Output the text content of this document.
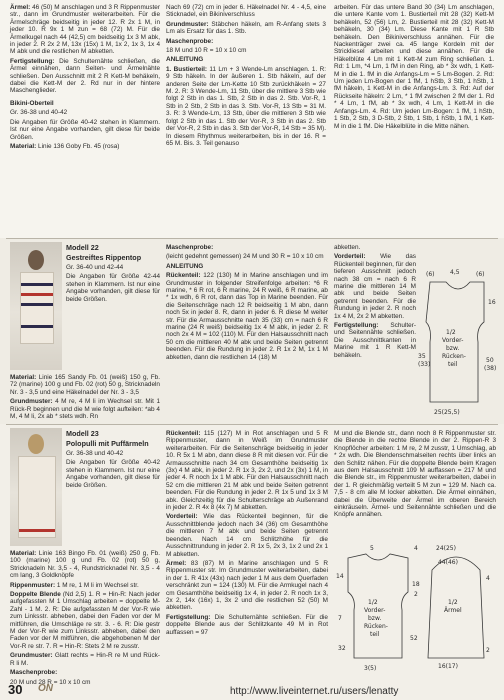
Ärmel: 46 (50) M anschlagen und 3 R Rippenmuster str., dann im Grundmuster weiterarbeiten. Für die Ärmelschräge beidseitig in jeder 12. R 2x 1 M, in jeder 10. R 9x 1 M zun = 68 (72) M. Für die Ärmelkugel nach 44 (42,5) cm beidseitig 1x 3 M abk, in jeder 2. R 2x 2 M, 13x (15x) 1 M, 1x 2, 1x 3, 1x 4 M abk und die restlichen M abketten.

Fertigstellung: Die Schulternähte schließen, die Ärmel einnähen, dann Seiten- und Ärmelnähte schließen. Den Ausschnitt mit 2 R Kett-M behäkeln, dabei die Kett-M der 2. Rd nur in der hintere Maschenglieder.

Bikini-Oberteil

Gr. 36-38 und 40-42

Die Angaben für Größe 40-42 stehen in Klammern. Ist nur eine Angabe vorhanden, gilt diese für beide Größen.

Material: Linie 136 Goby Fb. 45 (rosa)

Nach 69 (72) cm in jeder 6. Häkelnadel Nr. 4 - 4,5, eine Sticknadel, ein Bikiniverschluss

Grundmuster: Stäbchen häkeln, am R-Anfang stets 3 Lm als Ersatz für das 1. Stb.

Maschenprobe:

18 M und 10 R = 10 x 10 cm

ANLEITUNG

1. Bustierteil: 11 Lm + 3 Wende-Lm anschlagen. 1. R: 9 Stb häkeln. In der äußeren 1. Stb häkeln, auf der anderen Seite der Lm-Kette 10 Stb zurückhäkeln = 27 M. 2. R: 3 Wende-Lm, 11 Stb, über die mittlere 3 Stb wie folgt 2 Stb in das 1. Stb, 2 Stb in das 2. Stb. Vor-R, 1 Stb in 2 Stb, 2 Stb in das 3. Stb. Vor-R, 13 Stb = 31 M. 3. R: 3 Wende-Lm, 13 Stb, über die mittleren 3 Stb wie folgt 2 Stb in das 1. Stb der Vor-R, 3 Stb in das 2. Stb der Vor-R, 2 Stb in das 3. Stb der Vor-R, 14 Stb = 35 M). In diesem Rhythmus weiterarbeiten, bis in der 16. R = 65 M. Bis. 3. Teil genauso

arbeiten. Für das untere Band 30 (34) Lm anschlagen, die untere Kante vom 1. Bustierteil mit 28 (32) Kett-M behäkeln, 52 (56) Lm, 2. Bustierteil mit 28 (32) Kett-M behäkeln, 30 (34) Lm. Diese Kante mit 1 R Stb behäkeln. Den Bikiniverschluss annähen. Für die Nackenträger zwei ca. 45 lange Kordeln mit der Strickliesel arbeiten und diese annähen. Für die Häkelblüte 4 Lm mit 1 Kett-M zum Ring schließen. 1. Rd: 1 Lm, *4 Lm, 1 fM in den Ring, ab * 3x wdh, 1 Kett-M in die 1. fM in die Anfangs-Lm = 5 Lm-Bogen. 2. Rd: Um jeden Lm-Bogen der 1 fM, 1 hStb, 3 Stb, 1 hStb, 1 fM häkeln, 1 Kett-M in die Anfangs-Lm. 3. Rd: Auf der Rückseite häkeln: 2 Lm, * 1 fM zwischen 2 fM der 1. Rd * 4 Lm, 1 fM, ab * 3x wdh, 4 Lm, 1 Kett-M in die Anfangs-Lm. 4. Rd: Um jeden Lm-Bogen: 1 fM, 1 hStb, 1 Stb, 2 Stb, 3 D-Stb, 2 Stb, 1 Stb, 1 hStb, 1 fM, 1 Kett-M in die 1 fM. Die Häkelblüte in die Mitte nähen.

Modell 22

Gestreiftes Rippentop

Gr. 36-40 und 42-44

Die Angaben für Größe 42-44 stehen in Klammern. Ist nur eine Angabe vorhanden, gilt diese für beide Größen.

Material: Linie 165 Sandy Fb. 01 (weiß) 150 g, Fb. 72 (marine) 100 g und Fb. 02 (rot) 50 g, Stricknadeln Nr. 3 - 3,5 und eine Häkelnadel der Nr. 3 - 3,5

Grundmuster: 4 M re, 4 M li im Wechsel str. Mit 1 Rück-R beginnen und die M wie folgt aufteilen: *ab 4 M, 4 M li, 2x ab * stets wdh. Rn

Maschenprobe:

(leicht gedehnt gemessen) 24 M und 30 R = 10 x 10 cm

ANLEITUNG

Rückenteil: 122 (130) M in Marine anschlagen und im Grundmuster in folgender Streifenfolge arbeiten: *6 R marine, * 6 R rot, 6 R marine, 24 R weiß, 6 R marine, ab * 1x wdh, 6 R rot, dann das Top in Marine beenden. Für die Seitenschräge nach 12 R beidseitig 1 M abn, dann noch 5x in jeder 8. R, dann in jeder 6. R diese M weiter str. Für die Armausschnitte nach 35 (33) cm = nach 6 R marine (24 R weiß) beidseitig 1x 4 M abk, in jeder 2. R noch 2x 4 M = 102 (110) M. Für den Halsausschnitt nach 50 cm die mittleren 40 M abk und beide Seiten getrennt beenden. Für die Rundung in jeder 2. R 1x 2 M, 1x 1 M abketten, dann die restlichen 14 (18) M

abketten.

Vorderteil: Wie das Rückenteil beginnen, für den tieferen Ausschnitt jedoch nach 38 cm = nach 6 R marine die mittleren 14 M abk und beide Seiten getrennt beenden. Für die Rundung in jeder 2. R noch 1x 4 M, 2x 2 M abketten.

Fertigstellung: Schulter- und Seitennähte schließen. Die Ausschnittkanten in Marine mit 1 R Kett-M behäkeln.

(6)	4,5	(6)
16
1/2
Vorder-
bzw.
Rücken-
teil
35
(33)
50
(38)
25(25,5)

Modell 23

Polopulli mit Puffärmeln

Gr. 36-38 und 40-42

Die Angaben für Größe 40-42 stehen in Klammern. Ist nur eine Angabe vorhanden, gilt diese für beide Größen.

Material: Linie 163 Bingo Fb. 01 (weiß) 250 g, Fb. 100 (marine) 100 g und Fb. 02 (rot) 50 g, Stricknadeln Nr. 3,5 - 4, Rundstricknadel Nr. 3,5 - 4 cm lang, 3 Goldknöpfe

Rippenmuster: 1 M re, 1 M li im Wechsel str.

Doppelte Blende (Nd 2,5) 1. R = Hin-R: Nach jeder aufgefassten M 1 Umschlag arbeiten = doppelte M-Zahl - 1 M. 2. R: Die aufgefassten M der Vor-R wie zum Linksstr. abheben, dabei den Faden vor der M mitführen, die Umschläge re str. 3. - 6. R: Die gestr M der Vor-R wie zum Linksstr. abheben, dabei den Faden vor der M mitführen, die abgehobenen M der Vor-R re str. 7. R = Hin-R: Stets 2 M re zusstr.

Grundmuster: Glatt rechts = Hin-R re M und Rück-R li M.

Maschenprobe:

20 M und 28 R = 10 x 10 cm

Rückenteil: 115 (127) M in Rot anschlagen und 5 R Rippenmuster, dann in Weiß im Grundmuster weiterarbeiten. Für die Seitenschräge beidseitig in jeder 10. R 5x 1 M abn, dann diese 8 R mit diesen vor. Für die Armausschnitte nach 34 cm Gesamthöhe beidseitig 1x (3x) 4 M abk, in jeder 2. R 1x 3, 2x 2, und 2x (3x) 1 M, in jeder 4. R noch 1x 1 M abk. Für den Halsausschnitt nach 52 cm die mittleren 21 M abk und beide Seiten getrennt beenden. Für die Rundung in jeder 2. R 1x 5 und 1x 3 M abk. Gleichzeitig für die Schulterschräge ab Außenrand in jeder 2. R 4x 8 (4x 7) M abketten.

Vorderteil: Wie das Rückenteil beginnen, für die Ausschnittblende jedoch nach 34 (36) cm Gesamthöhe die mittleren 7 M abk und beide Seiten getrennt beenden. Nach 14 cm Schlitzhöhe für die Ausschnittrundung in jeder 2. R 1x 5, 2x 3, 1x 2 und 2x 1 M abketten.

Ärmel: 83 (87) M in Marine anschlagen und 5 R Rippenmuster str. Im Grundmuster weiterarbeiten, dabei in der 1. R 41x (43x) nach jeder 1 M aus dem Querfaden verschränkt zun = 124 (130) M. Für die Armkugel nach 4 cm Gesamthöhe beidseitig 1x 4, in jeder 2. R noch 1x 3, 2x 2, 14x (16x) 1, 3x 2 und die restlichen 52 (50) M abketten.

Fertigstellung: Die Schulternähte schließen. Für die doppelte Blende aus der Schlitzkante 49 M in Rot auffassen = 97

M und die Blende str., dann noch 8 R Rippenmuster str. die Blende in die rechte Blende in der 2. Rippen-R 3 Knopflöcher arbeiten: 1 M re, 2 M zusstr, 1 Umschlag, ab * 2x wdh. Die Blendenschmalseiten rechts über links an den Schlitz nähen. Für die doppelte Blende beim Kragen aus dem Halsausschnitt 109 M auffassen = 217 M und die Blende str., im Rippenmuster weiterarbeiten, dabei in der 1. R gleichmäßig verteilt 5 M zun = 129 M. Nach ca. 7,5 - 8 cm alle M locker abketten. Die Ärmel einnähen, dabei die Überweite der Ärmel im oberen Bereich einkräuseln. Ärmel- und Seitennähte schließen und die Knöpfe annähen.

5	4	24(25)
14
18
2
1/2
Vorder-
bzw.
Rücken-
teil
7
32
52
3(5)	16(17)
1/2
Ärmel
44(46)
4
2
30 ON	http://www.liveinternet.ru/users/lenatty
